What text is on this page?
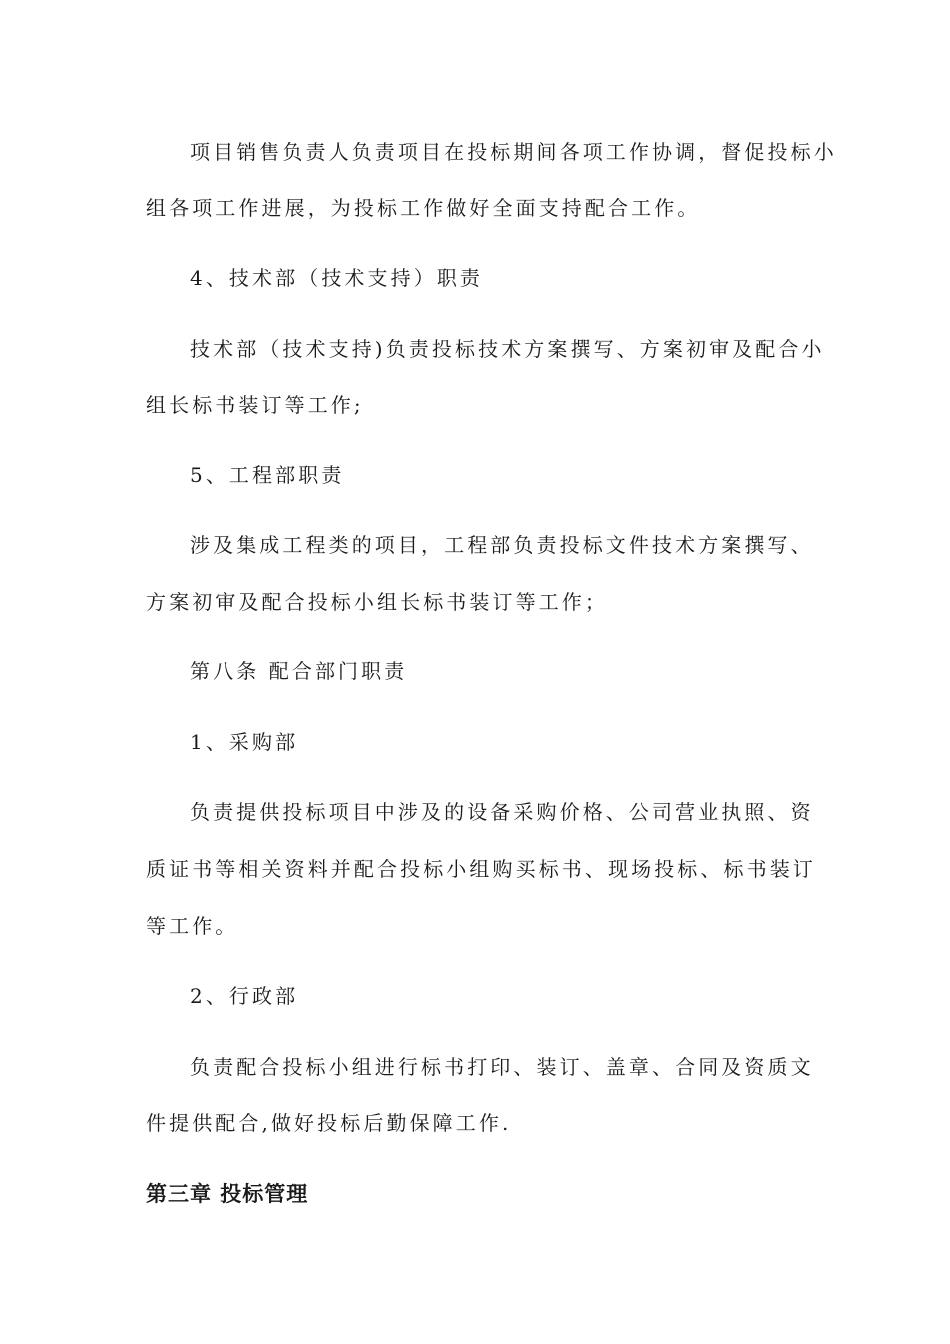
项目销售负责人负责项目在投标期间各项工作协调，督促投标小
组各项工作进展，为投标工作做好全面支持配合工作。
4、技术部（技术支持）职责
技术部（技术支持)负责投标技术方案撰写、方案初审及配合小
组长标书装订等工作;
5、工程部职责
涉及集成工程类的项目，工程部负责投标文件技术方案撰写、
方案初审及配合投标小组长标书装订等工作；
第八条 配合部门职责
1、采购部
负责提供投标项目中涉及的设备采购价格、公司营业执照、资
质证书等相关资料并配合投标小组购买标书、现场投标、标书装订
等工作。
2、行政部
负责配合投标小组进行标书打印、装订、盖章、合同及资质文
件提供配合,做好投标后勤保障工作.
第三章 投标管理
